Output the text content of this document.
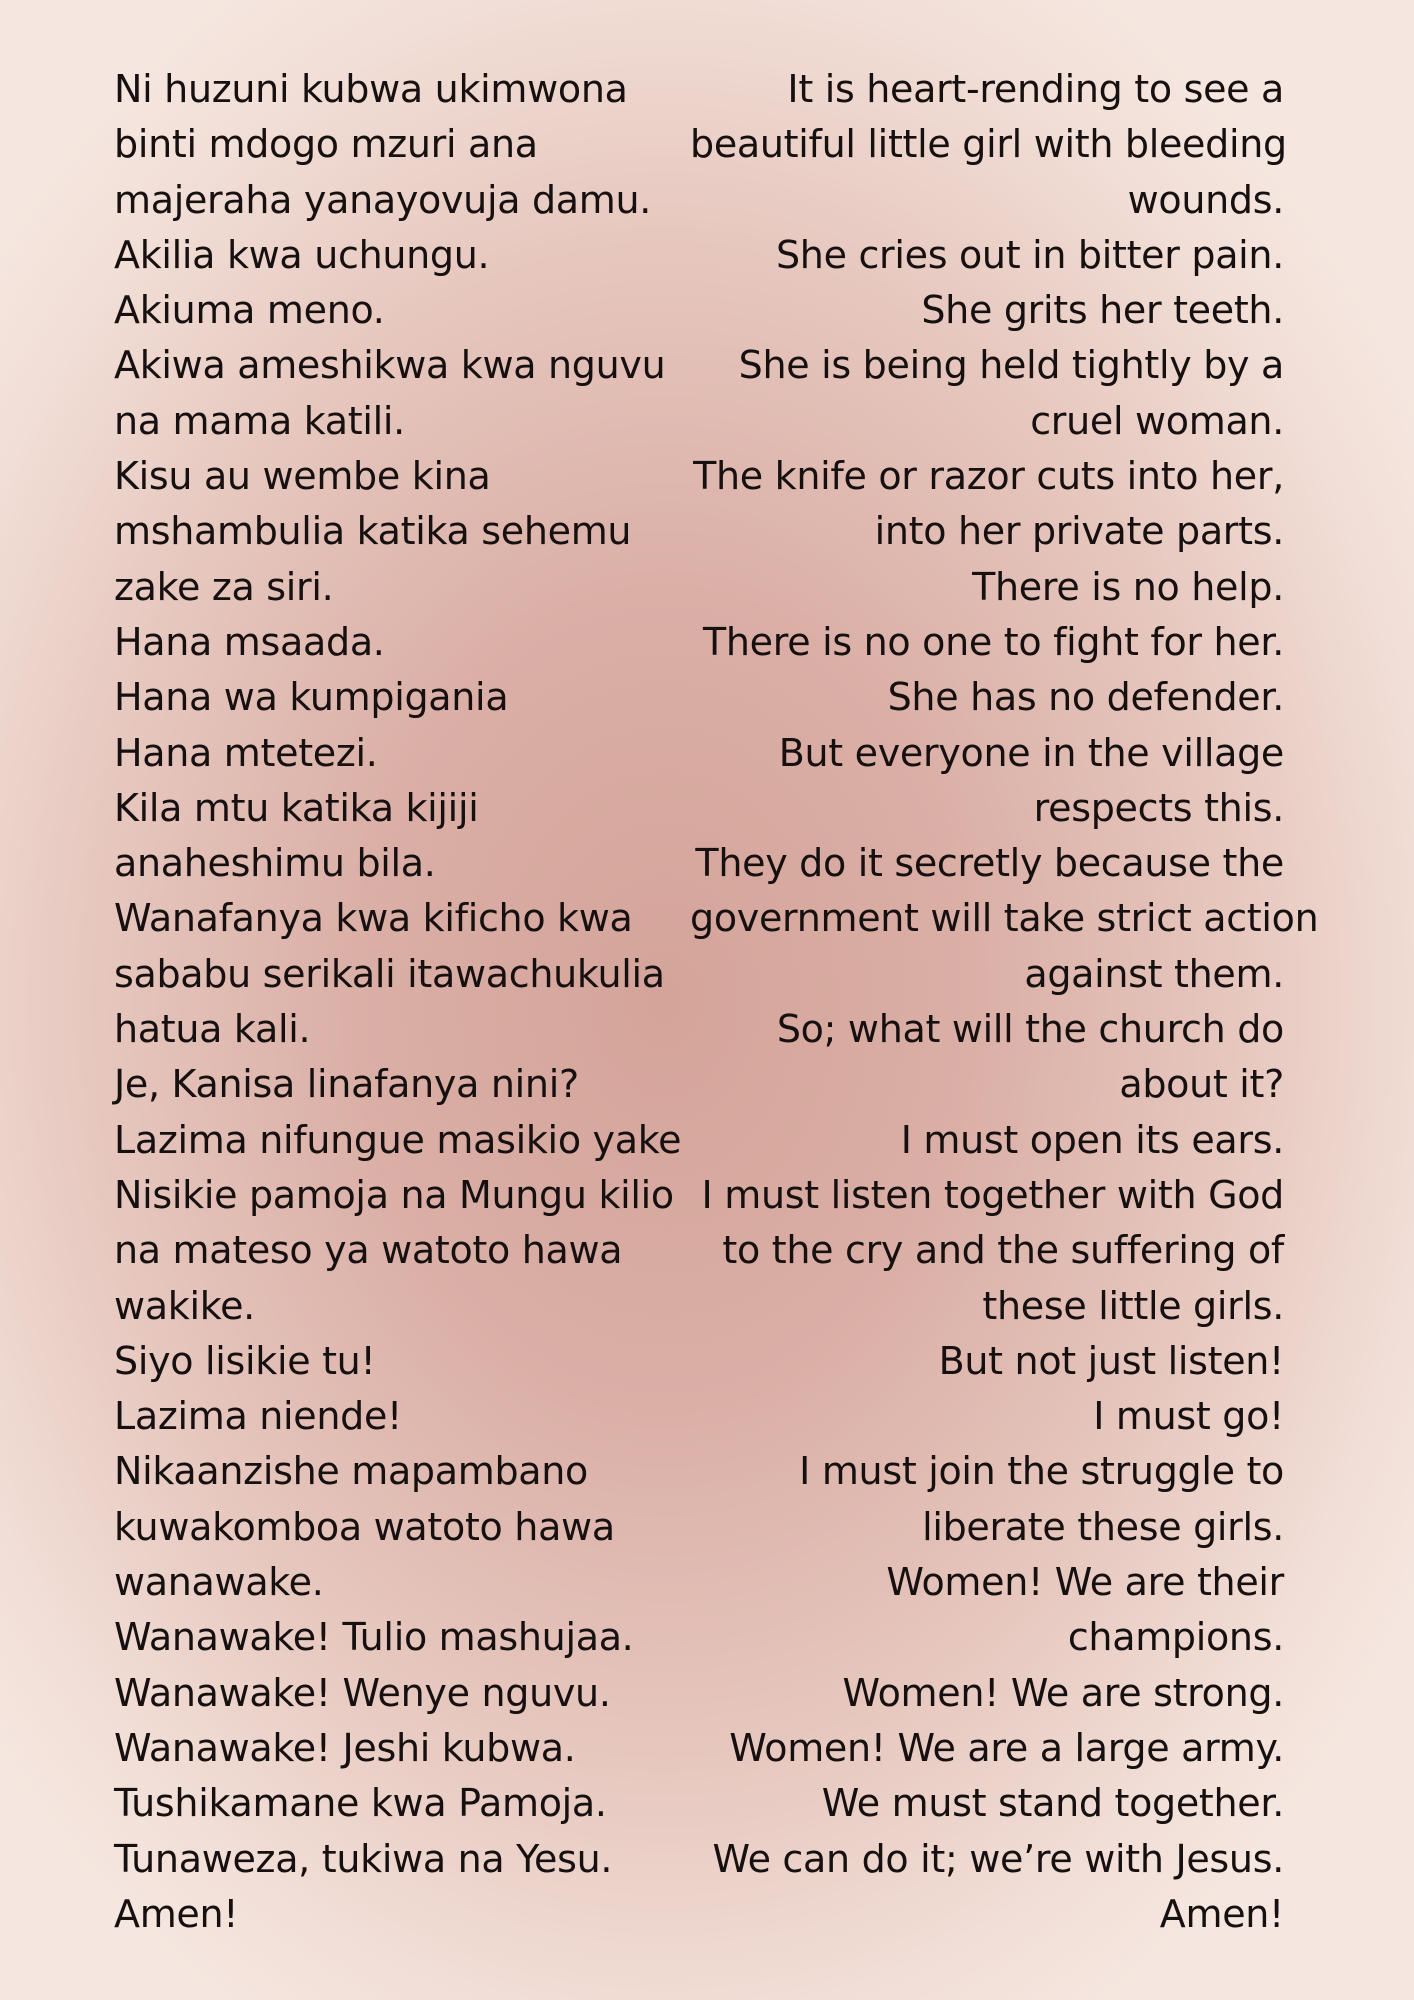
Ni huzuni kubwa ukimwona
binti mdogo mzuri ana
majeraha yanayovuja damu.
Akilia kwa uchungu.
Akiuma meno.
Akiwa ameshikwa kwa nguvu
na mama katili.
Kisu au wembe kina
mshambulia katika sehemu
zake za siri.
Hana msaada.
Hana wa kumpigania
Hana mtetezi.
Kila mtu katika kijiji
anaheshimu bila.
Wanafanya kwa kificho kwa
sababu serikali itawachukulia
hatua kali.
Je, Kanisa linafanya nini?
Lazima nifungue masikio yake
Nisikie pamoja na Mungu kilio
na mateso ya watoto hawa
wakike.
Siyo lisikie tu!
Lazima niende!
Nikaanzishe mapambano
kuwakomboa watoto hawa
wanawake.
Wanawake! Tulio mashujaa.
Wanawake! Wenye nguvu.
Wanawake! Jeshi kubwa.
Tushikamane kwa Pamoja.
Tunaweza, tukiwa na Yesu.
Amen!
It is heart-rending to see a
beautiful little girl with bleeding
wounds.
She cries out in bitter pain.
She grits her teeth.
She is being held tightly by a
cruel woman.
The knife or razor cuts into her,
into her private parts.
There is no help.
There is no one to fight for her.
She has no defender.
But everyone in the village
respects this.
They do it secretly because the
government will take strict action
against them.
So; what will the church do
about it?
I must open its ears.
I must listen together with God
to the cry and the suffering of
these little girls.
But not just listen!
I must go!
I must join the struggle to
liberate these girls.
Women! We are their
champions.
Women! We are strong.
Women! We are a large army.
We must stand together.
We can do it; we’re with Jesus.
Amen!
